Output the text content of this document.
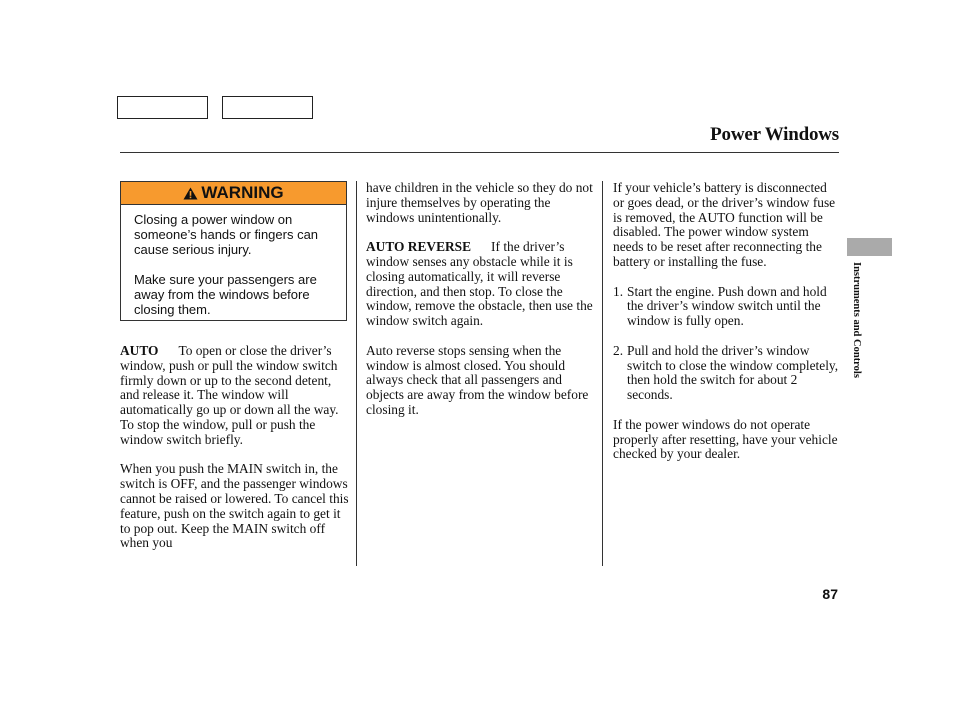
Power Windows
WARNING

Closing a power window on someone’s hands or fingers can cause serious injury.

Make sure your passengers are away from the windows before closing them.

AUTO To open or close the driver’s window, push or pull the window switch firmly down or up to the second detent, and release it. The window will automatically go up or down all the way. To stop the window, pull or push the window switch briefly.

When you push the MAIN switch in, the switch is OFF, and the passenger windows cannot be raised or lowered. To cancel this feature, push on the switch again to get it to pop out. Keep the MAIN switch off when you

have children in the vehicle so they do not injure themselves by operating the windows unintentionally.

AUTO REVERSE If the driver’s window senses any obstacle while it is closing automatically, it will reverse direction, and then stop. To close the window, remove the obstacle, then use the window switch again.

Auto reverse stops sensing when the window is almost closed. You should always check that all passengers and objects are away from the window before closing it.

If your vehicle’s battery is disconnected or goes dead, or the driver’s window fuse is removed, the AUTO function will be disabled. The power window system needs to be reset after reconnecting the battery or installing the fuse.

1. Start the engine. Push down and hold the driver’s window switch until the window is fully open.
2. Pull and hold the driver’s window switch to close the window completely, then hold the switch for about 2 seconds.

If the power windows do not operate properly after resetting, have your vehicle checked by your dealer.

Instruments and Controls
87
